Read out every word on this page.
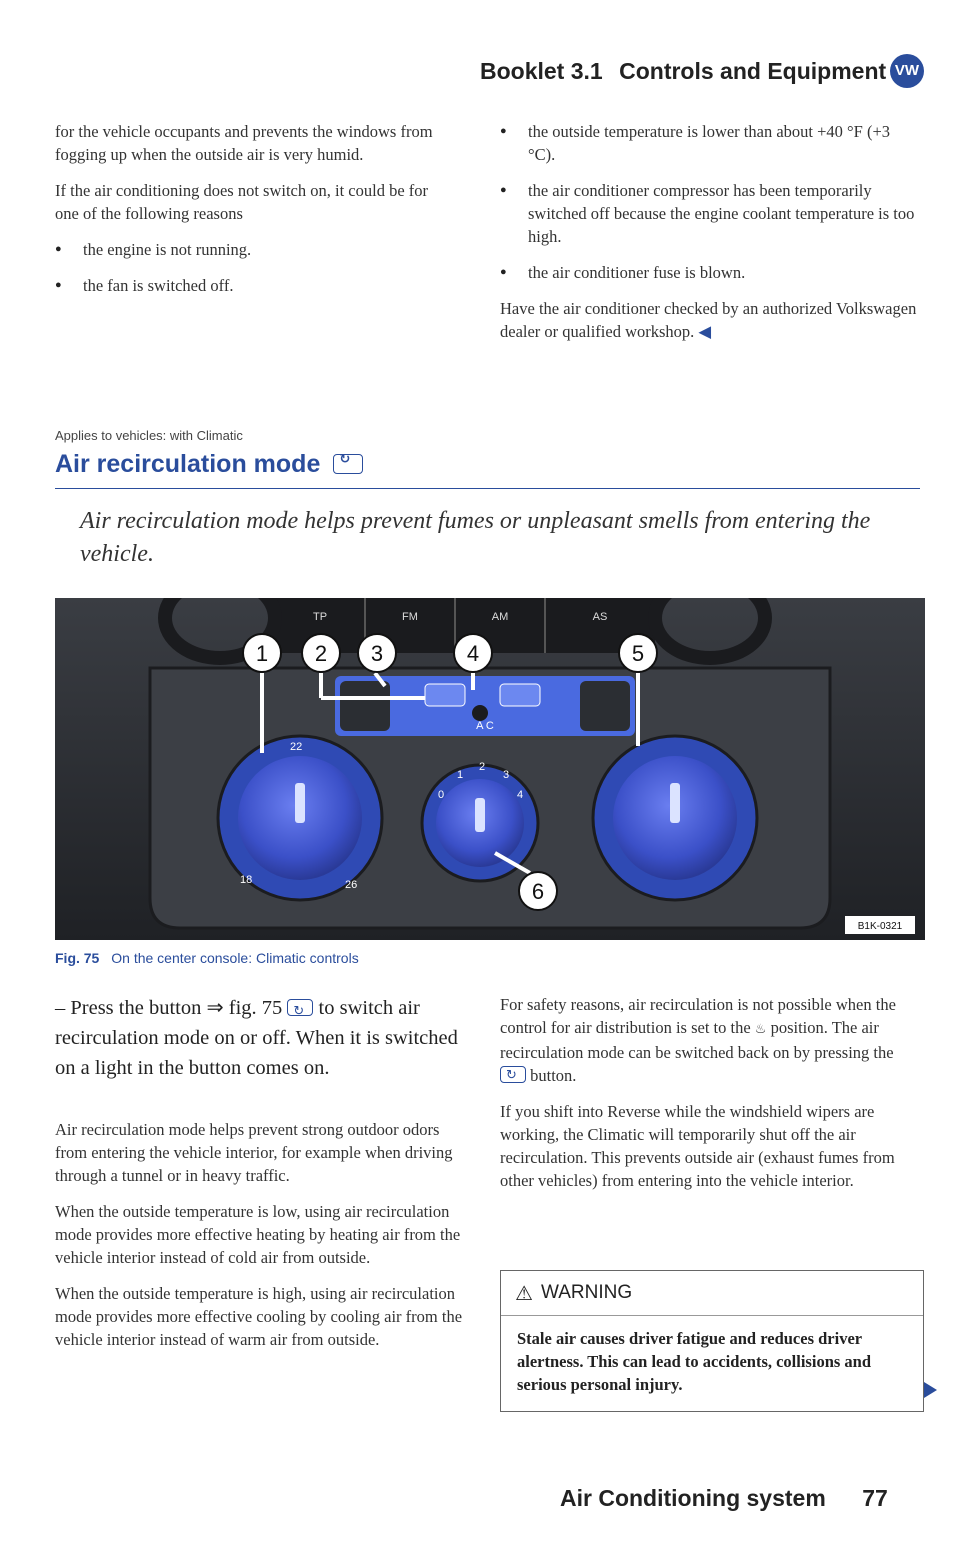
Booklet 3.1 Controls and Equipment VW

for the vehicle occupants and prevents the windows from fogging up when the outside air is very humid.

If the air conditioning does not switch on, it could be for one of the following reasons

● the engine is not running.

● the fan is switched off.

● the outside temperature is lower than about +40 °F (+3 °C).

● the air conditioner compressor has been temporarily switched off because the engine coolant temperature is too high.

● the air conditioner fuse is blown.

Have the air conditioner checked by an authorized Volkswagen dealer or qualified workshop. ◀

Applies to vehicles: with Climatic
Air recirculation mode ↻
Air recirculation mode helps prevent fumes or unpleasant smells from entering the vehicle.
TP	FM	AM	AS
A C
22
18	26
0
1
2
3
4
1 2 3	4	5
6
B1K-0321
Fig. 75 On the center console: Climatic controls
– Press the button ⇒ fig. 75 ↻ to switch air recirculation mode on or off. When it is switched on a light in the button comes on.

Air recirculation mode helps prevent strong outdoor odors from entering the vehicle interior, for example when driving through a tunnel or in heavy traffic.

When the outside temperature is low, using air recirculation mode provides more effective heating by heating air from the vehicle interior instead of cold air from outside.

When the outside temperature is high, using air recirculation mode provides more effective cooling by cooling air from the vehicle interior instead of warm air from outside.

For safety reasons, air recirculation is not possible when the control for air distribution is set to the ♨ position. The air recirculation mode can be switched back on by pressing the ↻ button.

If you shift into Reverse while the windshield wipers are working, the Climatic will temporarily shut off the air recirculation. This prevents outside air (exhaust fumes from other vehicles) from entering into the vehicle interior.

⚠ WARNING

Stale air causes driver fatigue and reduces driver alertness. This can lead to accidents, collisions and serious personal injury.

Air Conditioning system 77
